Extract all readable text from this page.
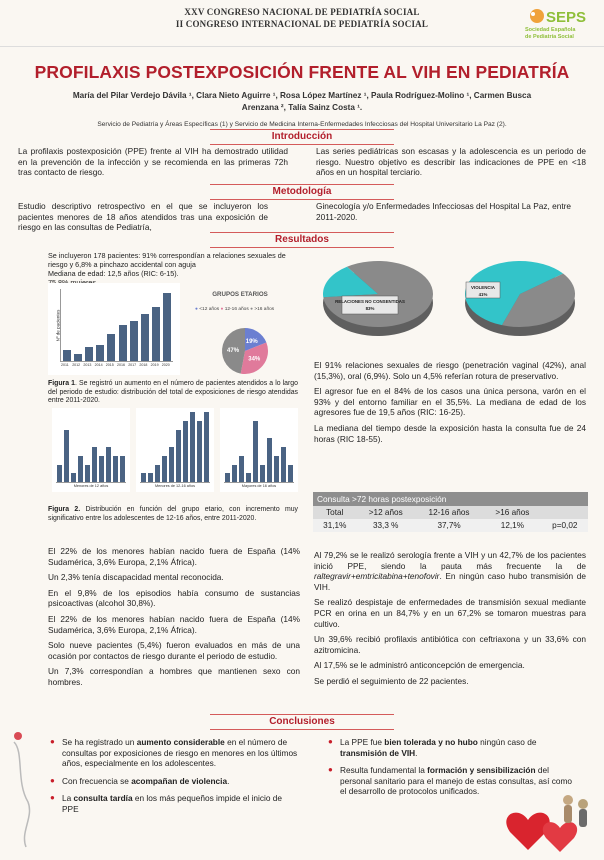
XXV CONGRESO NACIONAL DE PEDIATRÍA SOCIAL
II CONGRESO INTERNACIONAL DE PEDIATRÍA SOCIAL	SEPS
Sociedad Española
de Pediatría Social
PROFILAXIS POSTEXPOSICIÓN FRENTE AL VIH EN PEDIATRÍA
María del Pilar Verdejo Dávila ¹, Clara Nieto Aguirre ¹, Rosa López Martínez ¹, Paula Rodríguez-Molino ¹, Carmen Busca
Arenzana ², Talía Sainz Costa ¹.
Servicio de Pediatría y Áreas Específicas (1) y Servicio de Medicina Interna-Enfermedades Infecciosas del Hospital Universitario La Paz (2).
Introducción
La profilaxis postexposición (PPE) frente al VIH ha demostrado utilidad en la prevención de la infección y se recomienda en las primeras 72h tras contacto de riesgo.
Las series pediátricas son escasas y la adolescencia es un periodo de riesgo. Nuestro objetivo es describir las indicaciones de PPE en <18 años en un hospital terciario.
Metodología
Estudio descriptivo retrospectivo en el que se incluyeron los pacientes menores de 18 años atendidos tras una exposición de riesgo en las consultas de Pediatría,
Ginecología y/o Enfermedades Infecciosas del Hospital La Paz, entre 2011-2020.
Resultados
Se incluyeron 178 pacientes: 91% correspondían a relaciones sexuales de riesgo y 6,8% a pinchazo accidental con aguja
Mediana de edad: 12,5 años (RIC: 6-15).
Nº de pacientes
2011 2012 2013 2014 2015 2016 2017 2018 2019 2020
GRUPOS ETARIOS
● <12 años ● 12-16 años ● >16 años
19%
34%
47%
Figura 1. Se registró un aumento en el número de pacientes atendidos a lo largo del periodo de estudio: distribución del total de exposiciones de riesgo atendidas entre 2011-2020.
Menores de 12 años	Menores de 12-16 años	Mayores de 16 años
Figura 2. Distribución en función del grupo etario, con incremento muy significativo entre los adolescentes de 12-16 años, entre 2011-2020.

El 22% de los menores habían nacido fuera de España (14% Sudamérica, 3,6% Europa, 2,1% África).

Un 2,3% tenía discapacidad mental reconocida.

En el 9,8% de los episodios había consumo de sustancias psicoactivas (alcohol 30,8%).

El 22% de los menores habían nacido fuera de España (14% Sudamérica, 3,6% Europa, 2,1% África).

Solo nueve pacientes (5,4%) fueron evaluados en más de una ocasión por contactos de riesgo durante el periodo de estudio.

Un 7,3% correspondían a hombres que mantienen sexo con hombres.

RELACIONES NO CONSENTIDAS
83%
VIOLENCIA
41%

El 91% relaciones sexuales de riesgo (penetración vaginal (42%), anal (15,3%), oral (6,9%). Solo un 4,5% referían rotura de preservativo.

El agresor fue en el 84% de los casos una única persona, varón en el 93% y del entorno familiar en el 35,5%. La mediana de edad de los agresores fue de 19,5 años (RIC: 16-25).

La mediana del tiempo desde la exposición hasta la consulta fue de 24 horas (RIC 18-55).

Consulta >72 horas postexposición
Total	>12 años	12-16 años	>16 años	
31,1%	33,3 %	37,7%	12,1%	p=0,02

Al 79,2% se le realizó serología frente a VIH y un 42,7% de los pacientes inició PPE, siendo la pauta más frecuente la de raltegravir+emtricitabina+tenofovir. En ningún caso hubo transmisión de VIH.

Se realizó despistaje de enfermedades de transmisión sexual mediante PCR en orina en un 84,7% y en un 67,2% se tomaron muestras para cultivo.

Un 39,6% recibió profilaxis antibiótica con ceftriaxona y un 33,6% con azitromicina.

Al 17,5% se le administró anticoncepción de emergencia.

Se perdió el seguimiento de 22 pacientes.

Conclusiones
● Se ha registrado un aumento considerable en el número de consultas por exposiciones de riesgo en menores en los últimos años, especialmente en los adolescentes.
● Con frecuencia se acompañan de violencia.
● La consulta tardía en los más pequeños impide el inicio de PPE
● La PPE fue bien tolerada y no hubo ningún caso de transmisión de VIH.
● Resulta fundamental la formación y sensibilización del personal sanitario para el manejo de estas consultas, así como el desarrollo de protocolos unificados.
